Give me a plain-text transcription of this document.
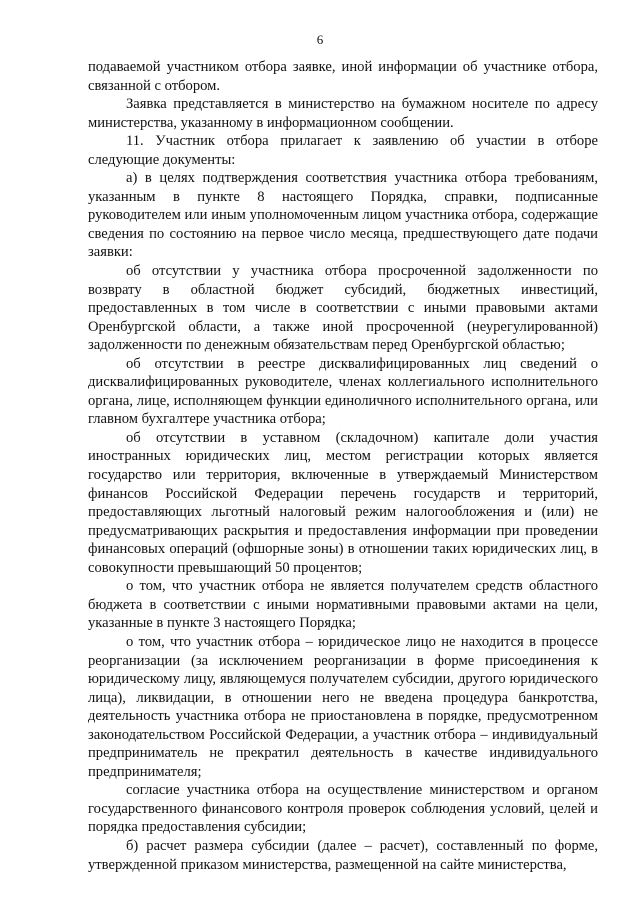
6

подаваемой участником отбора заявке, иной информации об участнике отбора, связанной с отбором.

Заявка представляется в министерство на бумажном носителе по адресу министерства, указанному в информационном сообщении.

11. Участник отбора прилагает к заявлению об участии в отборе следующие документы:

а) в целях подтверждения соответствия участника отбора требованиям, указанным в пункте 8 настоящего Порядка, справки, подписанные руководителем или иным уполномоченным лицом участника отбора, содержащие сведения по состоянию на первое число месяца, предшествующего дате подачи заявки:

об отсутствии у участника отбора просроченной задолженности по возврату в областной бюджет субсидий, бюджетных инвестиций, предоставленных в том числе в соответствии с иными правовыми актами Оренбургской области, а также иной просроченной (неурегулированной) задолженности по денежным обязательствам перед Оренбургской областью;

об отсутствии в реестре дисквалифицированных лиц сведений о дисквалифицированных руководителе, членах коллегиального исполнительного органа, лице, исполняющем функции единоличного исполнительного органа, или главном бухгалтере участника отбора;

об отсутствии в уставном (складочном) капитале доли участия иностранных юридических лиц, местом регистрации которых является государство или территория, включенные в утверждаемый Министерством финансов Российской Федерации перечень государств и территорий, предоставляющих льготный налоговый режим налогообложения и (или) не предусматривающих раскрытия и предоставления информации при проведении финансовых операций (офшорные зоны) в отношении таких юридических лиц, в совокупности превышающий 50 процентов;

о том, что участник отбора не является получателем средств областного бюджета в соответствии с иными нормативными правовыми актами на цели, указанные в пункте 3 настоящего Порядка;

о том, что участник отбора – юридическое лицо не находится в процессе реорганизации (за исключением реорганизации в форме присоединения к юридическому лицу, являющемуся получателем субсидии, другого юридического лица), ликвидации, в отношении него не введена процедура банкротства, деятельность участника отбора не приостановлена в порядке, предусмотренном законодательством Российской Федерации, а участник отбора – индивидуальный предприниматель не прекратил деятельность в качестве индивидуального предпринимателя;

согласие участника отбора на осуществление министерством и органом государственного финансового контроля проверок соблюдения условий, целей и порядка предоставления субсидии;

б) расчет размера субсидии (далее – расчет), составленный по форме, утвержденной приказом министерства, размещенной на сайте министерства,
